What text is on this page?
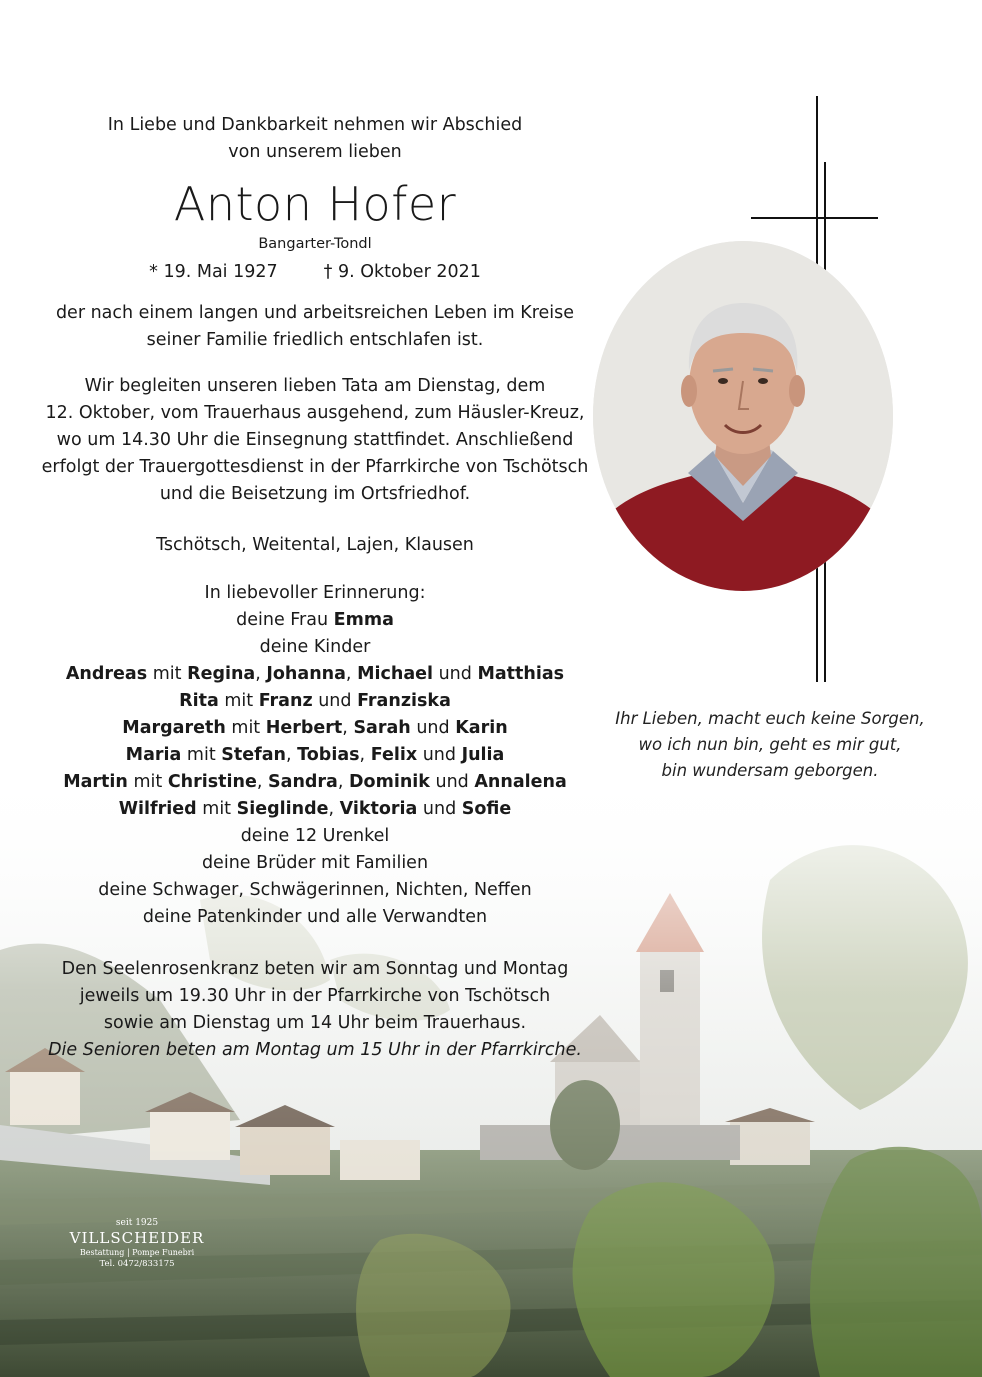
In Liebe und Dankbarkeit nehmen wir Abschied
von unserem lieben
Anton Hofer
Bangarter-Tondl
* 19. Mai 1927	† 9. Oktober 2021
der nach einem langen und arbeitsreichen Leben im Kreise
seiner Familie friedlich entschlafen ist.
Wir begleiten unseren lieben Tata am Dienstag, dem
12. Oktober, vom Trauerhaus ausgehend, zum Häusler-Kreuz,
wo um 14.30 Uhr die Einsegnung stattfindet. Anschließend
erfolgt der Trauergottesdienst in der Pfarrkirche von Tschötsch
und die Beisetzung im Ortsfriedhof.
Tschötsch, Weitental, Lajen, Klausen
In liebevoller Erinnerung:
deine Frau Emma
deine Kinder
Andreas mit Regina, Johanna, Michael und Matthias
Rita mit Franz und Franziska
Margareth mit Herbert, Sarah und Karin
Maria mit Stefan, Tobias, Felix und Julia
Martin mit Christine, Sandra, Dominik und Annalena
Wilfried mit Sieglinde, Viktoria und Sofie
deine 12 Urenkel
deine Brüder mit Familien
deine Schwager, Schwägerinnen, Nichten, Neffen
deine Patenkinder und alle Verwandten
Den Seelenrosenkranz beten wir am Sonntag und Montag
jeweils um 19.30 Uhr in der Pfarrkirche von Tschötsch
sowie am Dienstag um 14 Uhr beim Trauerhaus.
Die Senioren beten am Montag um 15 Uhr in der Pfarrkirche.
Ihr Lieben, macht euch keine Sorgen,
wo ich nun bin, geht es mir gut,
bin wundersam geborgen.
seit 1925
VILLSCHEIDER
Bestattung | Pompe Funebri
Tel. 0472/833175
